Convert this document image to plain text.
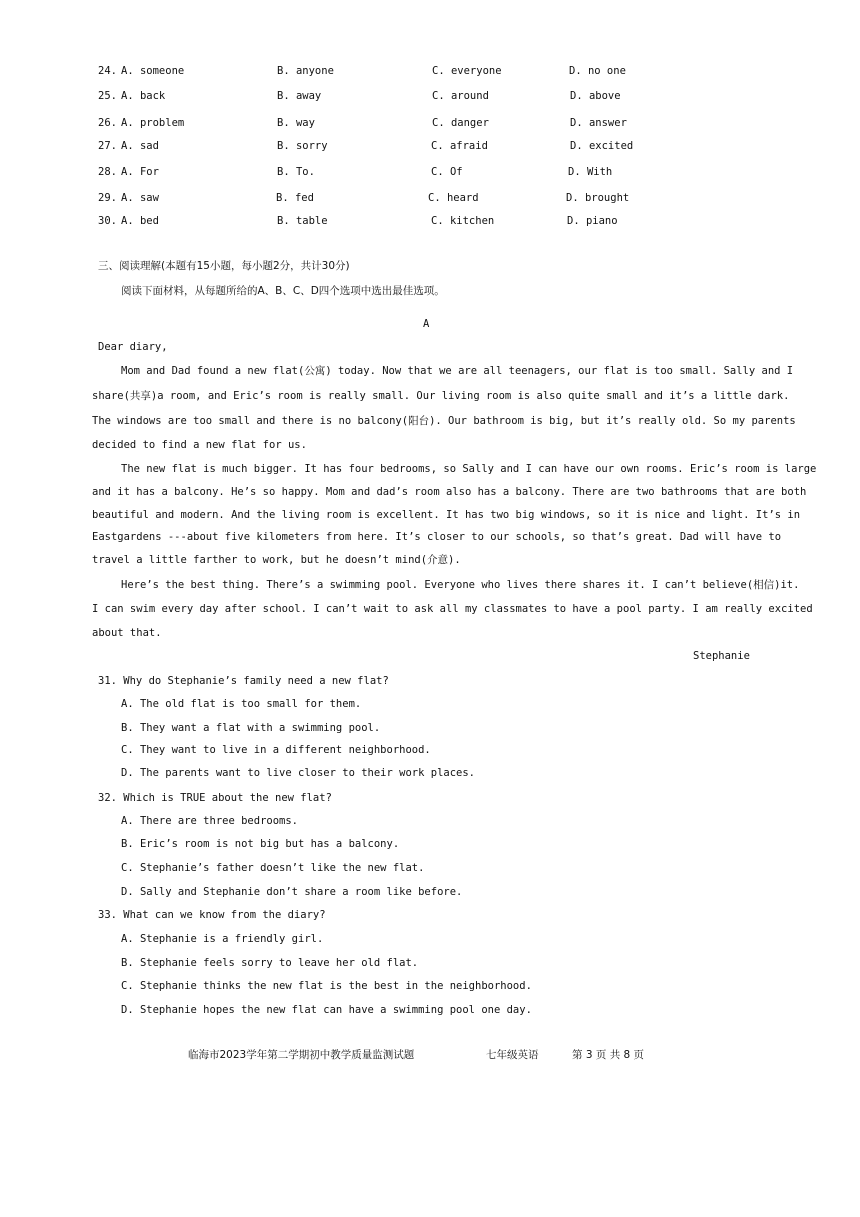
24. A. someone	B. anyone	C. everyone	D. no one
25. A. back	B. away	C. around	D. above
26. A. problem	B. way	C. danger	D. answer
27. A. sad	B. sorry	C. afraid	D. excited
28. A. For	B. To.	C. Of	D. With
29. A. saw	B. fed	C. heard	D. brought
30. A. bed	B. table	C. kitchen	D. piano
三、阅读理解(本题有15小题，每小题2分，共计30分)
阅读下面材料，从每题所给的A、B、C、D四个选项中选出最佳选项。
A
Dear diary,
Mom and Dad found a new flat(公寓) today. Now that we are all teenagers, our flat is too small. Sally and I
share(共享)a room, and Eric’s room is really small. Our living room is also quite small and it’s a little dark.
The windows are too small and there is no balcony(阳台). Our bathroom is big, but it’s really old. So my parents
decided to find a new flat for us.
The new flat is much bigger. It has four bedrooms, so Sally and I can have our own rooms. Eric’s room is large
and it has a balcony. He’s so happy. Mom and dad’s room also has a balcony. There are two bathrooms that are both
beautiful and modern. And the living room is excellent. It has two big windows, so it is nice and light. It’s in
Eastgardens ---about five kilometers from here. It’s closer to our schools, so that’s great. Dad will have to
travel a little farther to work, but he doesn’t mind(介意).
Here’s the best thing. There’s a swimming pool. Everyone who lives there shares it. I can’t believe(相信)it.
I can swim every day after school. I can’t wait to ask all my classmates to have a pool party. I am really excited
about that.
Stephanie
31. Why do Stephanie’s family need a new flat?
A. The old flat is too small for them.
B. They want a flat with a swimming pool.
C. They want to live in a different neighborhood.
D. The parents want to live closer to their work places.
32. Which is TRUE about the new flat?
A. There are three bedrooms.
B. Eric’s room is not big but has a balcony.
C. Stephanie’s father doesn’t like the new flat.
D. Sally and Stephanie don’t share a room like before.
33. What can we know from the diary?
A. Stephanie is a friendly girl.
B. Stephanie feels sorry to leave her old flat.
C. Stephanie thinks the new flat is the best in the neighborhood.
D. Stephanie hopes the new flat can have a swimming pool one day.
临海市2023学年第二学期初中教学质量监测试题	七年级英语	第 3 页 共 8 页
